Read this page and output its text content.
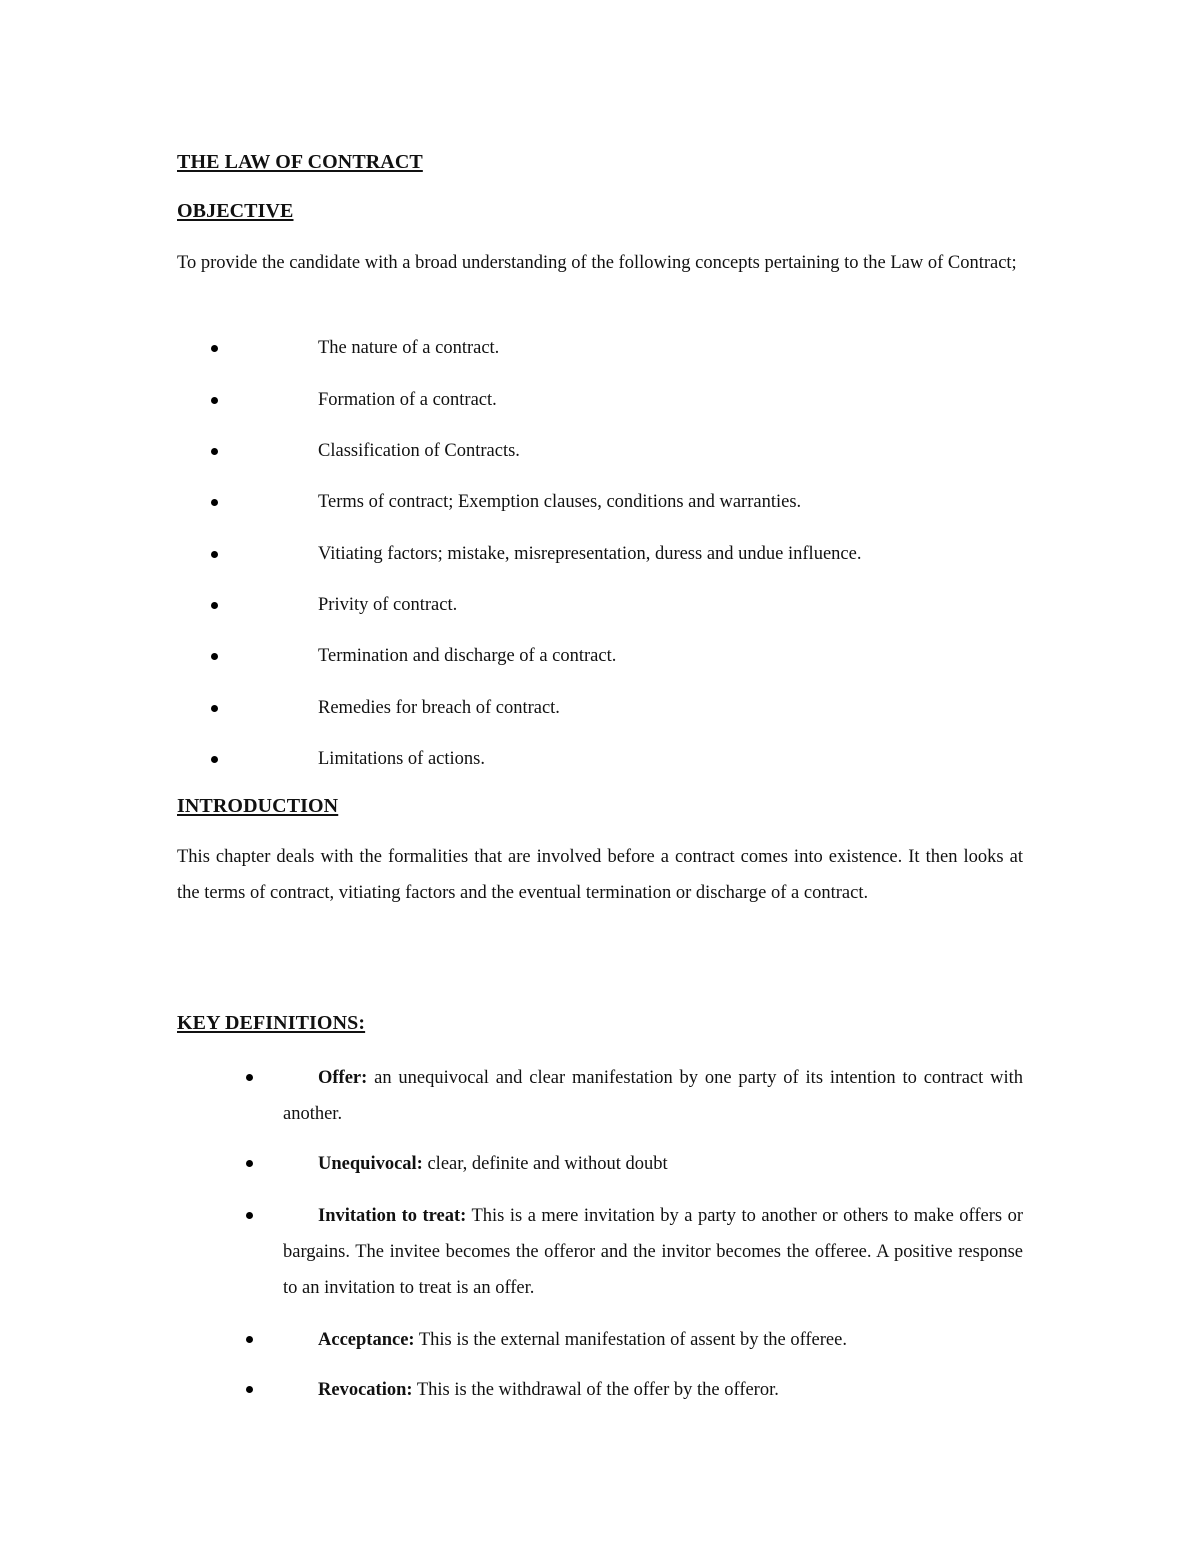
THE LAW OF CONTRACT
OBJECTIVE

To provide the candidate with a broad understanding of the following concepts pertaining to the Law of Contract;

The nature of a contract.
Formation of a contract.
Classification of Contracts.
Terms of contract; Exemption clauses, conditions and warranties.
Vitiating factors; mistake, misrepresentation, duress and undue influence.
Privity of contract.
Termination and discharge of a contract.
Remedies for breach of contract.
Limitations of actions.
INTRODUCTION

This chapter deals with the formalities that are involved before a contract comes into existence. It then looks at the terms of contract, vitiating factors and the eventual termination or discharge of a contract.

KEY DEFINITIONS:

Offer: an unequivocal and clear manifestation by one party of its intention to contract with another.

Unequivocal: clear, definite and without doubt

Invitation to treat: This is a mere invitation by a party to another or others to make offers or bargains. The invitee becomes the offeror and the invitor becomes the offeree. A positive response to an invitation to treat is an offer.

Acceptance: This is the external manifestation of assent by the offeree.

Revocation: This is the withdrawal of the offer by the offeror.
